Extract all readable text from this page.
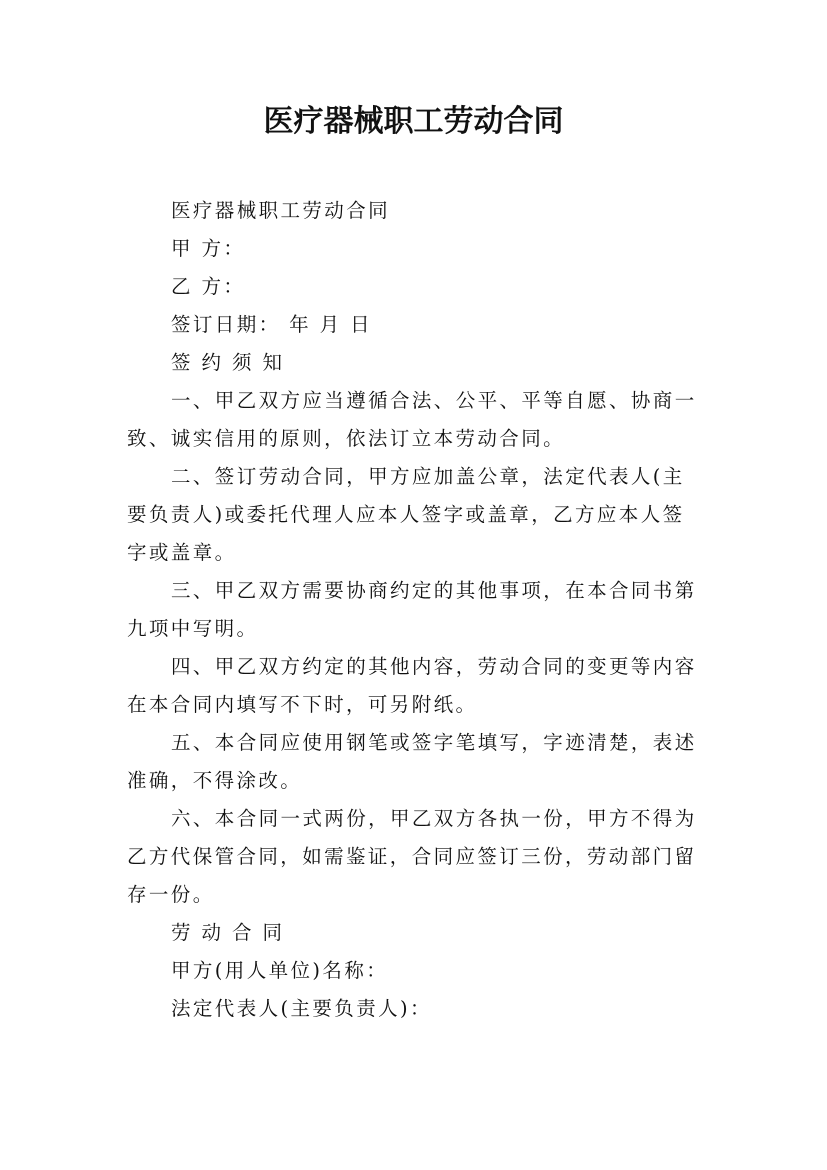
医疗器械职工劳动合同

医疗器械职工劳动合同

甲 方：

乙 方：

签订日期： 年 月 日

签 约 须 知

一、甲乙双方应当遵循合法、公平、平等自愿、协商一致、诚实信用的原则，依法订立本劳动合同。

二、签订劳动合同，甲方应加盖公章，法定代表人(主要负责人)或委托代理人应本人签字或盖章，乙方应本人签字或盖章。

三、甲乙双方需要协商约定的其他事项，在本合同书第九项中写明。

四、甲乙双方约定的其他内容，劳动合同的变更等内容在本合同内填写不下时，可另附纸。

五、本合同应使用钢笔或签字笔填写，字迹清楚，表述准确，不得涂改。

六、本合同一式两份，甲乙双方各执一份，甲方不得为乙方代保管合同，如需鉴证，合同应签订三份，劳动部门留存一份。

劳 动 合 同

甲方(用人单位)名称：

法定代表人(主要负责人)：
